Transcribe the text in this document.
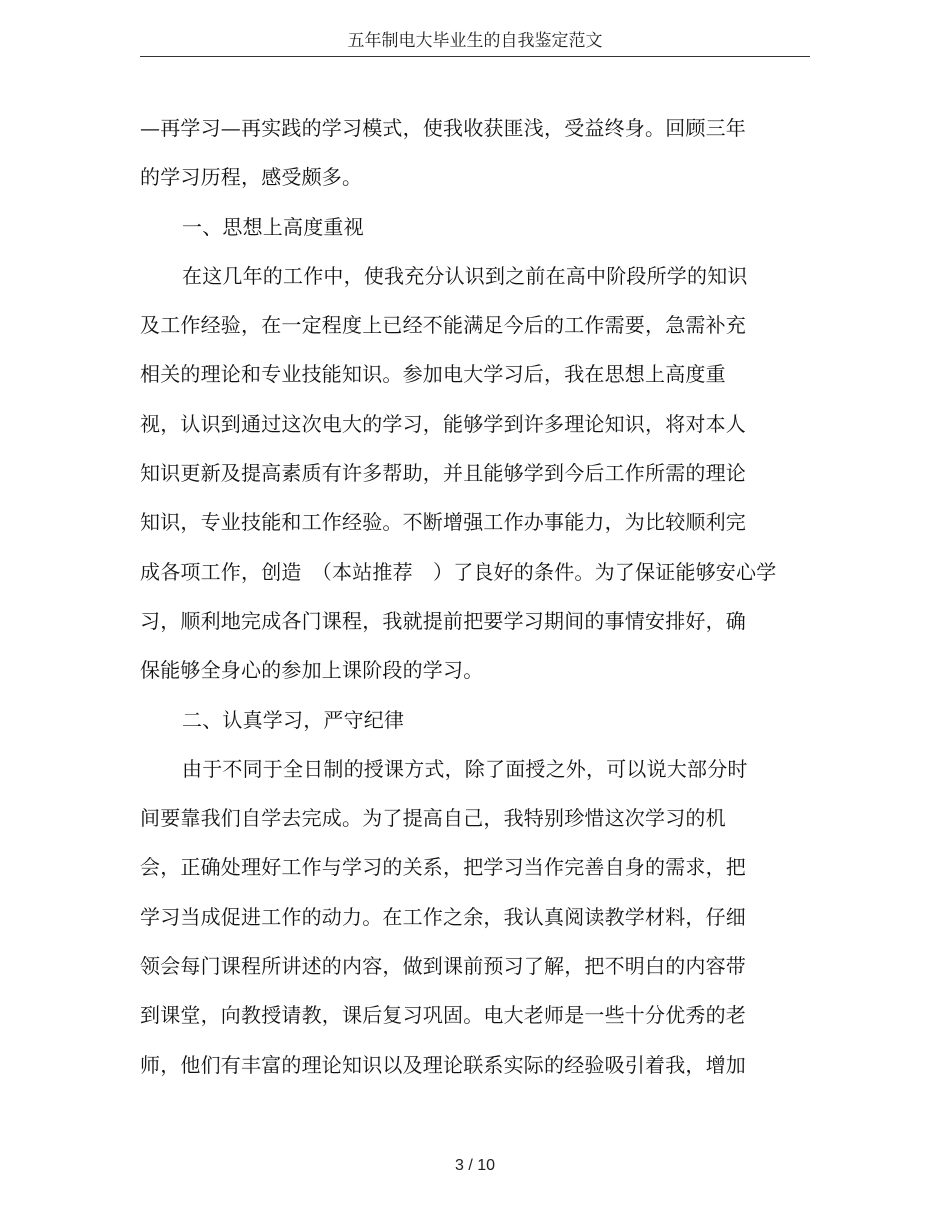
五年制电大毕业生的自我鉴定范文
—再学习—再实践的学习模式，使我收获匪浅，受益终身。回顾三年
的学习历程，感受颇多。
一、思想上高度重视
在这几年的工作中，使我充分认识到之前在高中阶段所学的知识
及工作经验，在一定程度上已经不能满足今后的工作需要，急需补充
相关的理论和专业技能知识。参加电大学习后，我在思想上高度重
视，认识到通过这次电大的学习，能够学到许多理论知识，将对本人
知识更新及提高素质有许多帮助，并且能够学到今后工作所需的理论
知识，专业技能和工作经验。不断增强工作办事能力，为比较顺利完
成各项工作，创造　（本站推荐　）了良好的条件。为了保证能够安心学
习，顺利地完成各门课程，我就提前把要学习期间的事情安排好，确
保能够全身心的参加上课阶段的学习。
二、认真学习，严守纪律
由于不同于全日制的授课方式，除了面授之外，可以说大部分时
间要靠我们自学去完成。为了提高自己，我特别珍惜这次学习的机
会，正确处理好工作与学习的关系，把学习当作完善自身的需求，把
学习当成促进工作的动力。在工作之余，我认真阅读教学材料，仔细
领会每门课程所讲述的内容，做到课前预习了解，把不明白的内容带
到课堂，向教授请教，课后复习巩固。电大老师是一些十分优秀的老
师，他们有丰富的理论知识以及理论联系实际的经验吸引着我，增加
3 / 10
